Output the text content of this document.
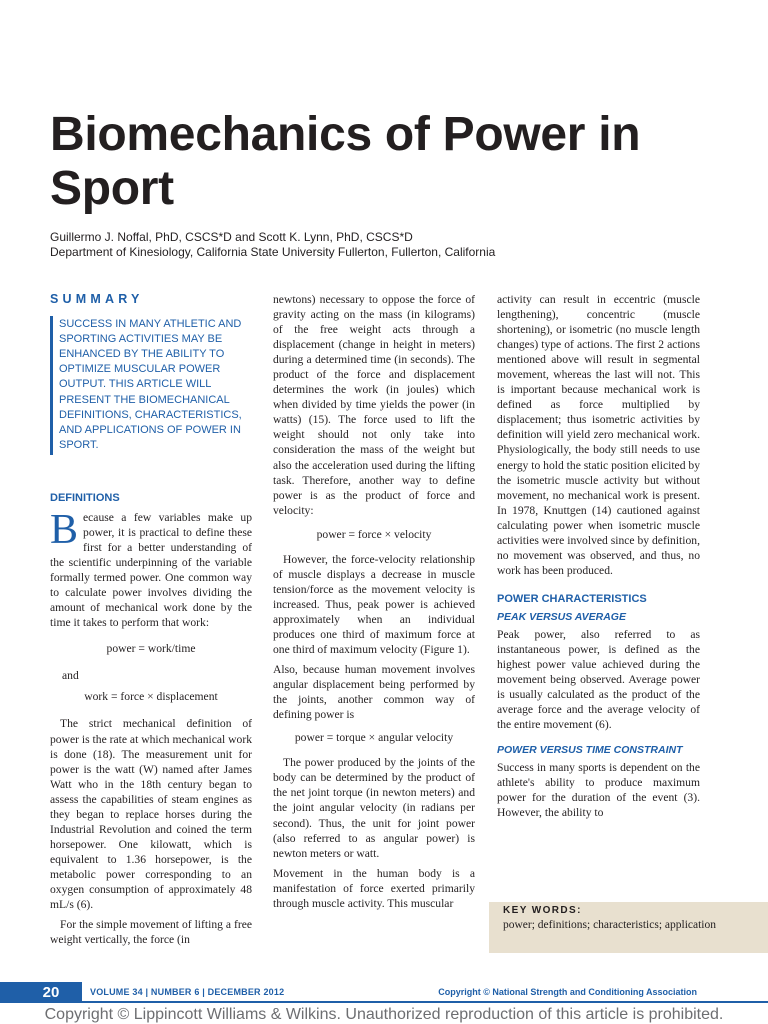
Biomechanics of Power in Sport
Guillermo J. Noffal, PhD, CSCS*D and Scott K. Lynn, PhD, CSCS*D
Department of Kinesiology, California State University Fullerton, Fullerton, California
SUMMARY
SUCCESS IN MANY ATHLETIC AND SPORTING ACTIVITIES MAY BE ENHANCED BY THE ABILITY TO OPTIMIZE MUSCULAR POWER OUTPUT. THIS ARTICLE WILL PRESENT THE BIOMECHANICAL DEFINITIONS, CHARACTERISTICS, AND APPLICATIONS OF POWER IN SPORT.
DEFINITIONS

Because a few variables make up power, it is practical to define these first for a better understanding of the scientific underpinning of the variable formally termed power. One common way to calculate power involves dividing the amount of mechanical work done by the time it takes to perform that work:

power = work/time

and

work = force × displacement

The strict mechanical definition of power is the rate at which mechanical work is done (18). The measurement unit for power is the watt (W) named after James Watt who in the 18th century began to assess the capabilities of steam engines as they began to replace horses during the Industrial Revolution and coined the term horsepower. One kilowatt, which is equivalent to 1.36 horsepower, is the metabolic power corresponding to an oxygen consumption of approximately 48 mL/s (6).

For the simple movement of lifting a free weight vertically, the force (in

newtons) necessary to oppose the force of gravity acting on the mass (in kilograms) of the free weight acts through a displacement (change in height in meters) during a determined time (in seconds). The product of the force and displacement determines the work (in joules) which when divided by time yields the power (in watts) (15). The force used to lift the weight should not only take into consideration the mass of the weight but also the acceleration used during the lifting task. Therefore, another way to define power is as the product of force and velocity:

power = force × velocity

However, the force-velocity relationship of muscle displays a decrease in muscle tension/force as the movement velocity is increased. Thus, peak power is achieved approximately when an individual produces one third of maximum force at one third of maximum velocity (Figure 1).

Also, because human movement involves angular displacement being performed by the joints, another common way of defining power is

power = torque × angular velocity

The power produced by the joints of the body can be determined by the product of the net joint torque (in newton meters) and the joint angular velocity (in radians per second). Thus, the unit for joint power (also referred to as angular power) is newton meters or watt.

Movement in the human body is a manifestation of force exerted primarily through muscle activity. This muscular

activity can result in eccentric (muscle lengthening), concentric (muscle shortening), or isometric (no muscle length changes) type of actions. The first 2 actions mentioned above will result in segmental movement, whereas the last will not. This is important because mechanical work is defined as force multiplied by displacement; thus isometric activities by definition will yield zero mechanical work. Physiologically, the body still needs to use energy to hold the static position elicited by the isometric muscle activity but without movement, no mechanical work is present. In 1978, Knuttgen (14) cautioned against calculating power when isometric muscle activities were involved since by definition, no movement was observed, and thus, no work has been produced.

POWER CHARACTERISTICS
PEAK VERSUS AVERAGE

Peak power, also referred to as instantaneous power, is defined as the highest power value achieved during the movement being observed. Average power is usually calculated as the product of the average force and the average velocity of the entire movement (6).

POWER VERSUS TIME CONSTRAINT

Success in many sports is dependent on the athlete's ability to produce maximum power for the duration of the event (3). However, the ability to

KEY WORDS:
power; definitions; characteristics; application
20	VOLUME 34 | NUMBER 6 | DECEMBER 2012	Copyright © National Strength and Conditioning Association
Copyright © Lippincott Williams & Wilkins. Unauthorized reproduction of this article is prohibited.
